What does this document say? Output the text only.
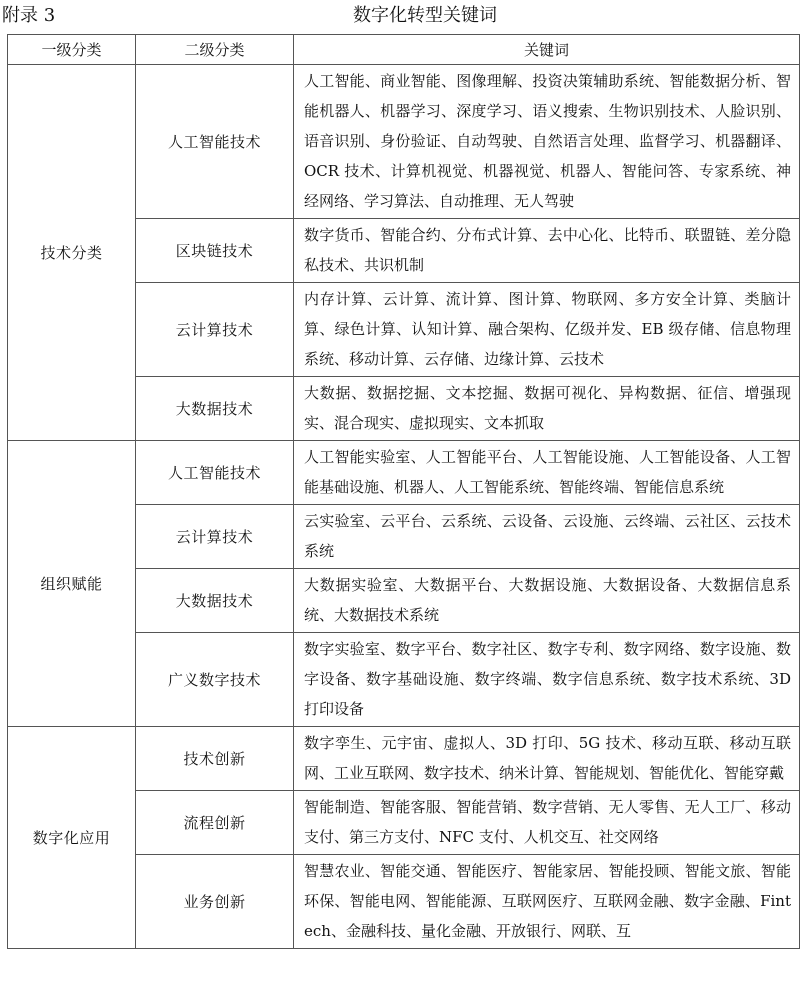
附录 3	数字化转型关键词
一级分类	二级分类	关键词
技术分类	人工智能技术	人工智能、商业智能、图像理解、投资决策辅助系统、智能数据分析、智能机器人、机器学习、深度学习、语义搜索、生物识别技术、人脸识别、语音识别、身份验证、自动驾驶、自然语言处理、监督学习、机器翻译、OCR 技术、计算机视觉、机器视觉、机器人、智能问答、专家系统、神经网络、学习算法、自动推理、无人驾驶
	区块链技术	数字货币、智能合约、分布式计算、去中心化、比特币、联盟链、差分隐私技术、共识机制
	云计算技术	内存计算、云计算、流计算、图计算、物联网、多方安全计算、类脑计算、绿色计算、认知计算、融合架构、亿级并发、EB 级存储、信息物理系统、移动计算、云存储、边缘计算、云技术
	大数据技术	大数据、数据挖掘、文本挖掘、数据可视化、异构数据、征信、增强现实、混合现实、虚拟现实、文本抓取
组织赋能	人工智能技术	人工智能实验室、人工智能平台、人工智能设施、人工智能设备、人工智能基础设施、机器人、人工智能系统、智能终端、智能信息系统
	云计算技术	云实验室、云平台、云系统、云设备、云设施、云终端、云社区、云技术系统
	大数据技术	大数据实验室、大数据平台、大数据设施、大数据设备、大数据信息系统、大数据技术系统
	广义数字技术	数字实验室、数字平台、数字社区、数字专利、数字网络、数字设施、数字设备、数字基础设施、数字终端、数字信息系统、数字技术系统、3D 打印设备
数字化应用	技术创新	数字孪生、元宇宙、虚拟人、3D 打印、5G 技术、移动互联、移动互联网、工业互联网、数字技术、纳米计算、智能规划、智能优化、智能穿戴
	流程创新	智能制造、智能客服、智能营销、数字营销、无人零售、无人工厂、移动支付、第三方支付、NFC 支付、人机交互、社交网络
	业务创新	智慧农业、智能交通、智能医疗、智能家居、智能投顾、智能文旅、智能环保、智能电网、智能能源、互联网医疗、互联网金融、数字金融、Fintech、金融科技、量化金融、开放银行、网联、互
